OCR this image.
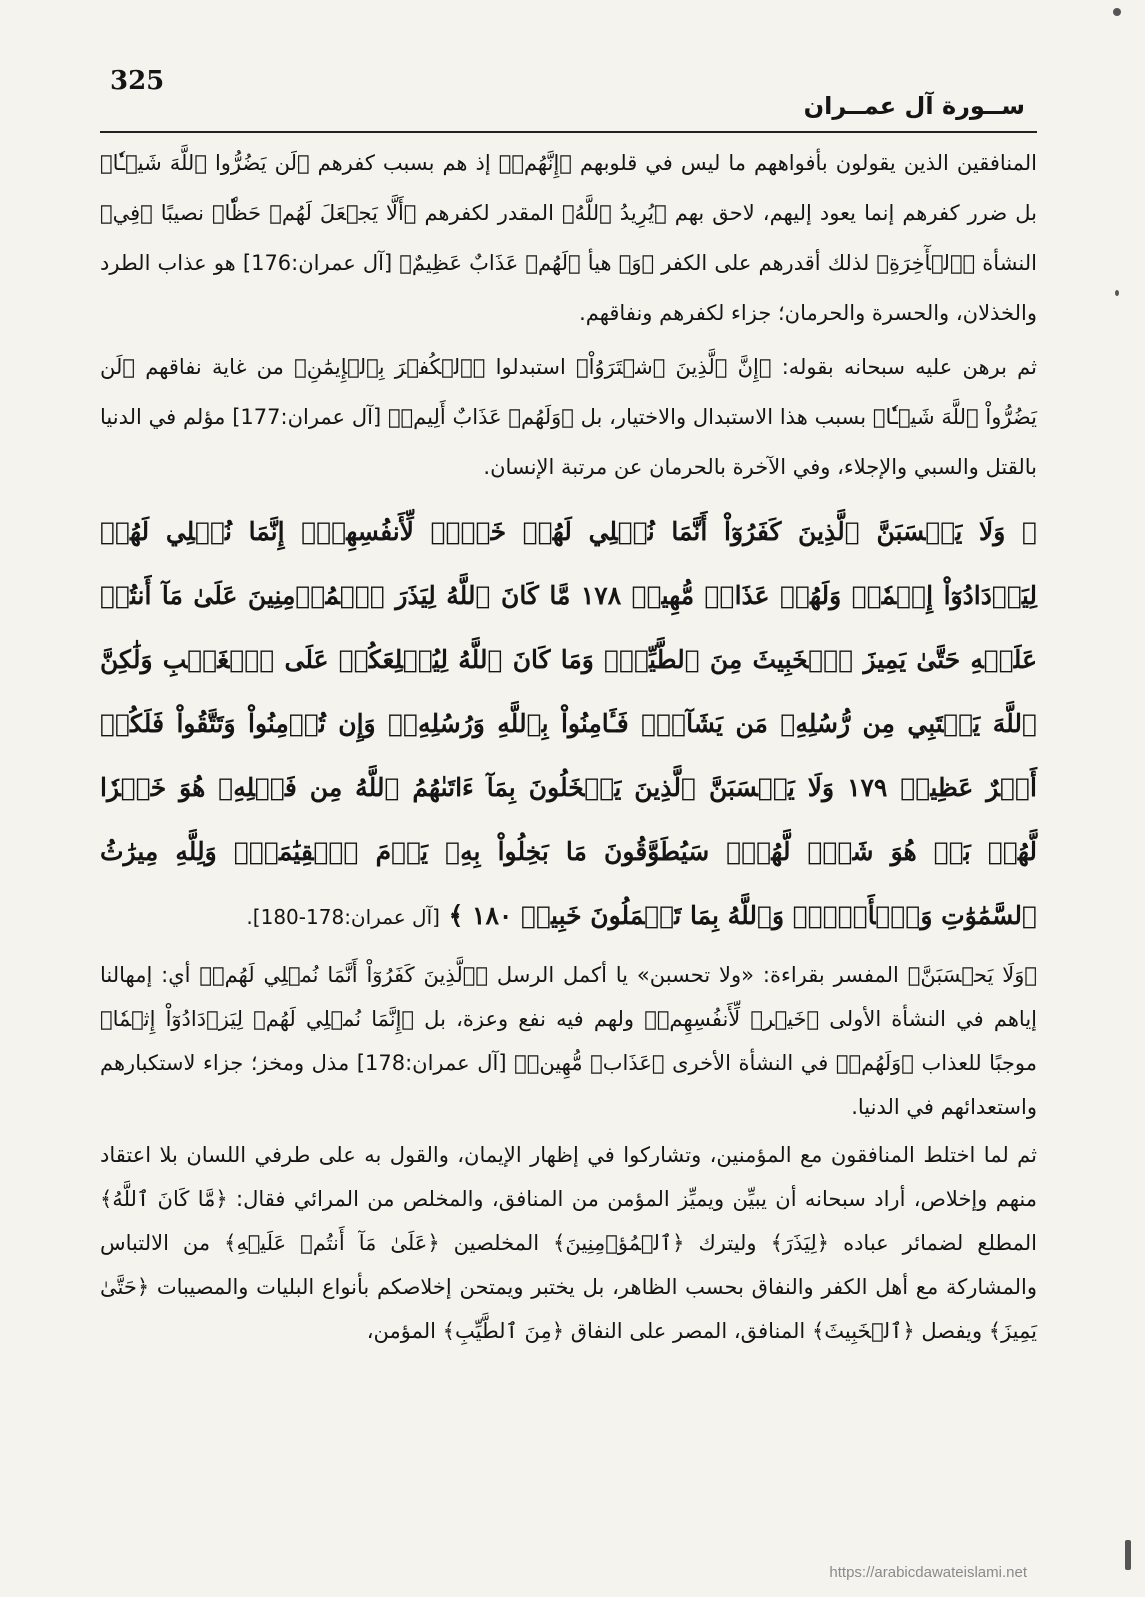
325
ســورة آل عمــران

المنافقين الذين يقولون بأفواههم ما ليس في قلوبهم ﴿إِنَّهُمۡ﴾ إذ هم بسبب كفرهم ﴿لَن يَضُرُّوا ٱللَّهَ شَيۡـٔٗا﴾ بل ضرر كفرهم إنما يعود إليهم، لاحق بهم ﴿يُرِيدُ ٱللَّهُ﴾ المقدر لكفرهم ﴿أَلَّا يَجۡعَلَ لَهُمۡ حَظّٗا﴾ نصيبًا ﴿فِي﴾ النشأة ﴿ٱلۡأٓخِرَةِ﴾ لذلك أقدرهم على الكفر ﴿وَ﴾ هيأ ﴿لَهُمۡ عَذَابٌ عَظِيمٌ﴾ [آل عمران:176] هو عذاب الطرد والخذلان، والحسرة والحرمان؛ جزاء لكفرهم ونفاقهم.

ثم برهن عليه سبحانه بقوله: ﴿إِنَّ ٱلَّذِينَ ٱشۡتَرَوُاْ﴾ استبدلوا ﴿ٱلۡكُفۡرَ بِٱلۡإِيمَٰنِ﴾ من غاية نفاقهم ﴿لَن يَضُرُّواْ ٱللَّهَ شَيۡـٔٗا﴾ بسبب هذا الاستبدال والاختيار، بل ﴿وَلَهُمۡ عَذَابٌ أَلِيمٞ﴾ [آل عمران:177] مؤلم في الدنيا بالقتل والسبي والإجلاء، وفي الآخرة بالحرمان عن مرتبة الإنسان.

﴿ وَلَا يَحۡسَبَنَّ ٱلَّذِينَ كَفَرُوٓاْ أَنَّمَا نُمۡلِي لَهُمۡ خَيۡرٞ لِّأَنفُسِهِمۡۚ إِنَّمَا نُمۡلِي لَهُمۡ لِيَزۡدَادُوٓاْ إِثۡمٗاۖ وَلَهُمۡ عَذَابٞ مُّهِينٞ ١٧٨ مَّا كَانَ ٱللَّهُ لِيَذَرَ ٱلۡمُؤۡمِنِينَ عَلَىٰ مَآ أَنتُمۡ عَلَيۡهِ حَتَّىٰ يَمِيزَ ٱلۡخَبِيثَ مِنَ ٱلطَّيِّبِۗ وَمَا كَانَ ٱللَّهُ لِيُطۡلِعَكُمۡ عَلَى ٱلۡغَيۡبِ وَلَٰكِنَّ ٱللَّهَ يَجۡتَبِي مِن رُّسُلِهِۦ مَن يَشَآءُۖ فَـَٔامِنُواْ بِٱللَّهِ وَرُسُلِهِۦۚ وَإِن تُؤۡمِنُواْ وَتَتَّقُواْ فَلَكُمۡ أَجۡرٌ عَظِيمٞ ١٧٩ وَلَا يَحۡسَبَنَّ ٱلَّذِينَ يَبۡخَلُونَ بِمَآ ءَاتَىٰهُمُ ٱللَّهُ مِن فَضۡلِهِۦ هُوَ خَيۡرٗا لَّهُمۖ بَلۡ هُوَ شَرّٞ لَّهُمۡۖ سَيُطَوَّقُونَ مَا بَخِلُواْ بِهِۦ يَوۡمَ ٱلۡقِيَٰمَةِۗ وَلِلَّهِ مِيرَٰثُ ٱلسَّمَٰوَٰتِ وَٱلۡأَرۡضِۗ وَٱللَّهُ بِمَا تَعۡمَلُونَ خَبِيرٞ ١٨٠ ﴾ [آل عمران:178-180].

﴿وَلَا يَحۡسَبَنَّ﴾ المفسر بقراءة: «ولا تحسبن» يا أكمل الرسل ﴿ٱلَّذِينَ كَفَرُوٓاْ أَنَّمَا نُمۡلِي لَهُمۡ﴾ أي: إمهالنا إياهم في النشأة الأولى ﴿خَيۡرٞ لِّأَنفُسِهِمۡ﴾ ولهم فيه نفع وعزة، بل ﴿إِنَّمَا نُمۡلِي لَهُمۡ لِيَزۡدَادُوٓاْ إِثۡمٗا﴾ موجبًا للعذاب ﴿وَلَهُمۡ﴾ في النشأة الأخرى ﴿عَذَابٞ مُّهِينٞ﴾ [آل عمران:178] مذل ومخز؛ جزاء لاستكبارهم واستعدائهم في الدنيا.

ثم لما اختلط المنافقون مع المؤمنين، وتشاركوا في إظهار الإيمان، والقول به على طرفي اللسان بلا اعتقاد منهم وإخلاص، أراد سبحانه أن يبيِّن ويميِّز المؤمن من المنافق، والمخلص من المرائي فقال: ﴿مَّا كَانَ ٱللَّهُ﴾ المطلع لضمائر عباده ﴿لِيَذَرَ﴾ وليترك ﴿ٱلۡمُؤۡمِنِينَ﴾ المخلصين ﴿عَلَىٰ مَآ أَنتُمۡ عَلَيۡهِ﴾ من الالتباس والمشاركة مع أهل الكفر والنفاق بحسب الظاهر، بل يختبر ويمتحن إخلاصكم بأنواع البليات والمصيبات ﴿حَتَّىٰ يَمِيزَ﴾ ويفصل ﴿ٱلۡخَبِيثَ﴾ المنافق، المصر على النفاق ﴿مِنَ ٱلطَّيِّبِ﴾ المؤمن،

https://arabicdawateislami.net
